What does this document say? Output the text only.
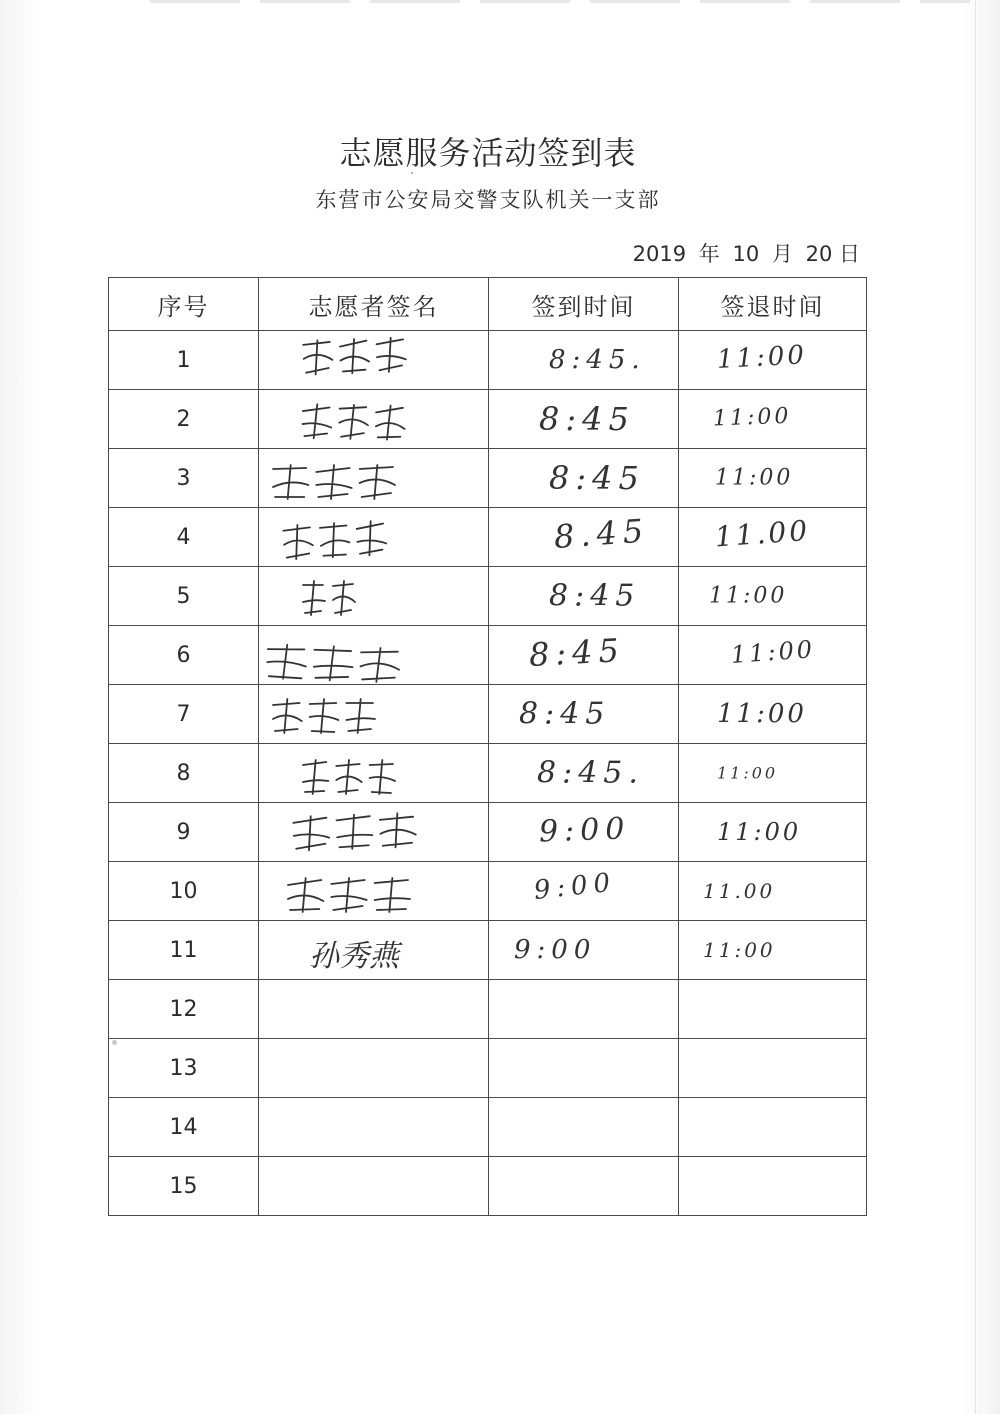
志愿服务活动签到表
ˋ
东营市公安局交警支队机关一支部
2019 年 10 月 20 日
序号	志愿者签名	签到时间	签退时间
1		8:45.	11:00

2		8:45	11:00

3		8:45	11:00

4		8.45	11.00

5		8:45	11:00

6		8:45	11:00

7		8:45	11:00

8		8:45.	11:00

9		9:00	11:00

10		9:00	11.00

11	孙秀燕	9:00	11:00

12			
13			
14			
15			
